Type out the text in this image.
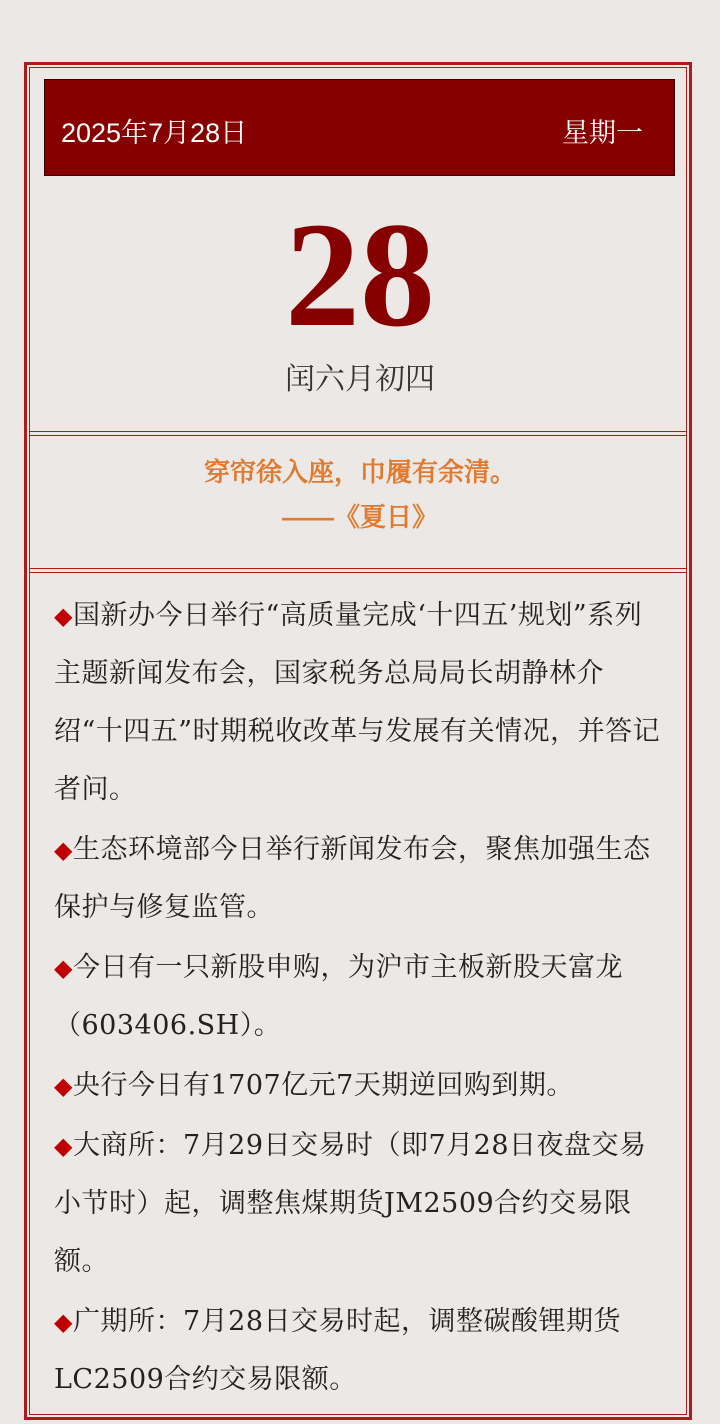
2025年7月28日	星期一
28
闰六月初四
穿帘徐入座，巾履有余清。
——《夏日》
◆国新办今日举行“高质量完成‘十四五’规划”系列主题新闻发布会，国家税务总局局长胡静林介绍“十四五”时期税收改革与发展有关情况，并答记者问。
◆生态环境部今日举行新闻发布会，聚焦加强生态保护与修复监管。
◆今日有一只新股申购，为沪市主板新股天富龙（603406.SH）。
◆央行今日有1707亿元7天期逆回购到期。
◆大商所：7月29日交易时（即7月28日夜盘交易小节时）起，调整焦煤期货JM2509合约交易限额。
◆广期所：7月28日交易时起，调整碳酸锂期货LC2509合约交易限额。
